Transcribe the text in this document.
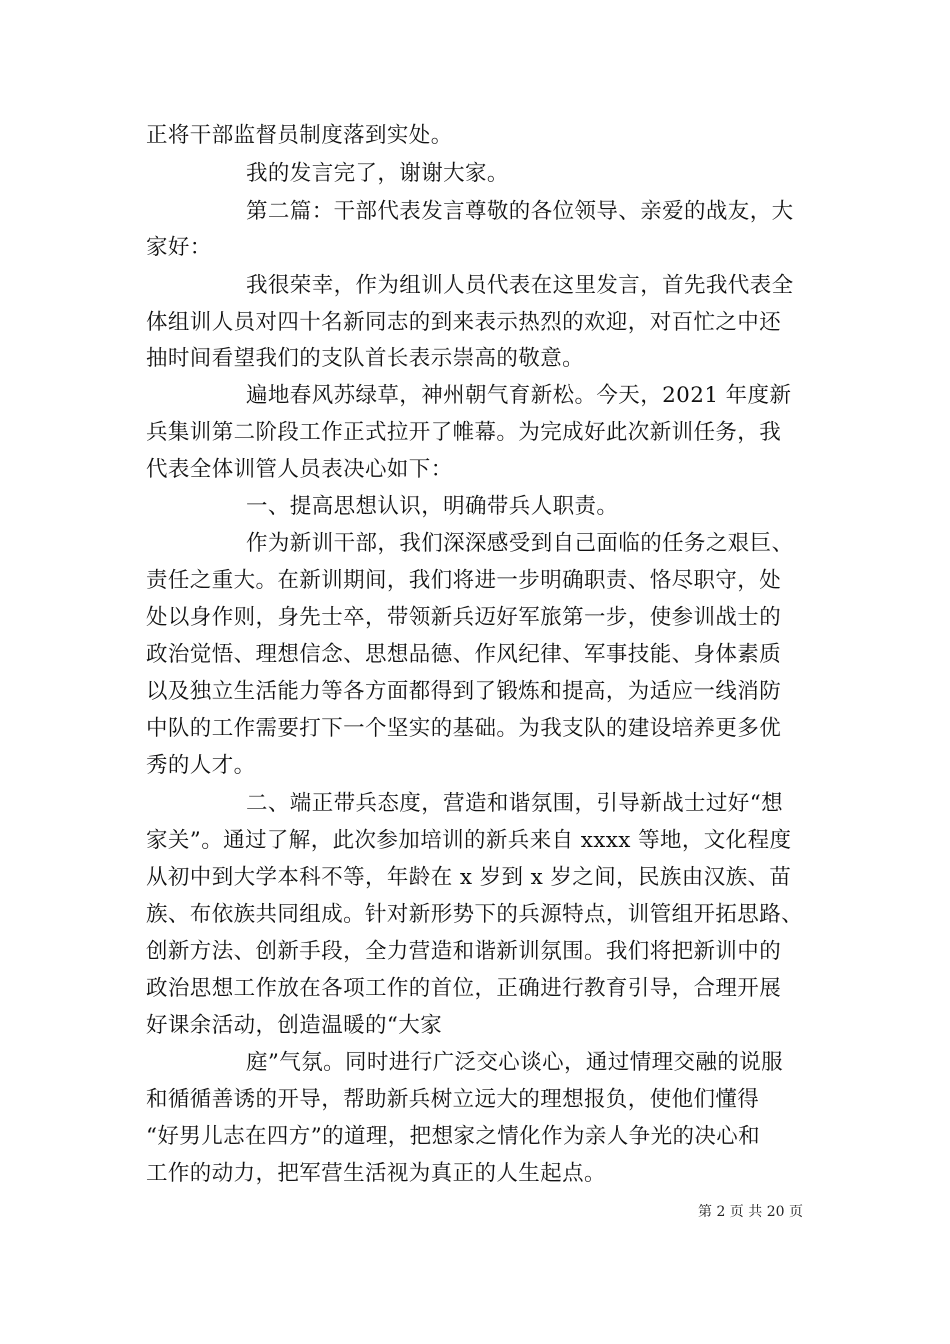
正将干部监督员制度落到实处。
我的发言完了，谢谢大家。
第二篇：干部代表发言尊敬的各位领导、亲爱的战友，大
家好：
我很荣幸，作为组训人员代表在这里发言，首先我代表全
体组训人员对四十名新同志的到来表示热烈的欢迎，对百忙之中还
抽时间看望我们的支队首长表示崇高的敬意。
遍地春风苏绿草，神州朝气育新松。今天，2021 年度新
兵集训第二阶段工作正式拉开了帷幕。为完成好此次新训任务，我
代表全体训管人员表决心如下：
一、提高思想认识，明确带兵人职责。
作为新训干部，我们深深感受到自己面临的任务之艰巨、
责任之重大。在新训期间，我们将进一步明确职责、恪尽职守，处
处以身作则，身先士卒，带领新兵迈好军旅第一步，使参训战士的
政治觉悟、理想信念、思想品德、作风纪律、军事技能、身体素质
以及独立生活能力等各方面都得到了锻炼和提高，为适应一线消防
中队的工作需要打下一个坚实的基础。为我支队的建设培养更多优
秀的人才。
二、端正带兵态度，营造和谐氛围，引导新战士过好“想
家关”。通过了解，此次参加培训的新兵来自 xxxx 等地，文化程度
从初中到大学本科不等，年龄在 x 岁到 x 岁之间，民族由汉族、苗
族、布依族共同组成。针对新形势下的兵源特点，训管组开拓思路、
创新方法、创新手段，全力营造和谐新训氛围。我们将把新训中的
政治思想工作放在各项工作的首位，正确进行教育引导，合理开展
好课余活动，创造温暖的“大家
庭”气氛。同时进行广泛交心谈心，通过情理交融的说服
和循循善诱的开导，帮助新兵树立远大的理想报负，使他们懂得
“好男儿志在四方”的道理，把想家之情化作为亲人争光的决心和
工作的动力，把军营生活视为真正的人生起点。
第 2 页 共 20 页
